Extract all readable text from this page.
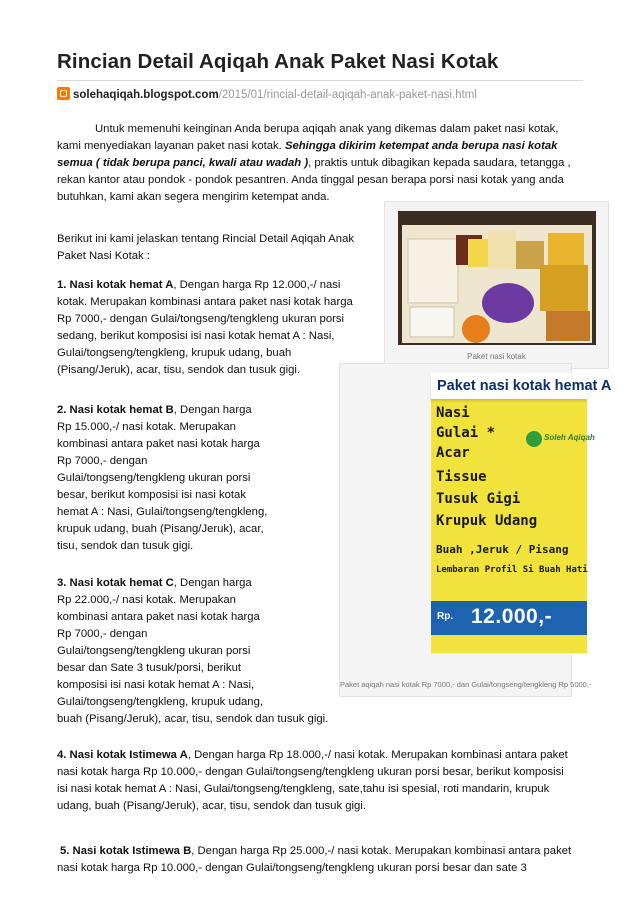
Rincian Detail Aqiqah Anak Paket Nasi Kotak
solehaqiqah.blogspot.com/2015/01/rincial-detail-aqiqah-anak-paket-nasi.html
Untuk memenuhi keinginan Anda berupa aqiqah anak yang dikemas dalam paket nasi kotak,
kami menyediakan layanan paket nasi kotak. Sehingga dikirim ketempat anda berupa nasi kotak
semua ( tidak berupa panci, kwali atau wadah ), praktis untuk dibagikan kepada saudara, tetangga ,
rekan kantor atau pondok - pondok pesantren. Anda tinggal pesan berapa porsi nasi kotak yang anda
butuhkan, kami akan segera mengirim ketempat anda.
Berikut ini kami jelaskan tentang Rincial Detail Aqiqah Anak
Paket Nasi Kotak :
1. Nasi kotak hemat A, Dengan harga Rp 12.000,-/ nasi
kotak. Merupakan kombinasi antara paket nasi kotak harga
Rp 7000,- dengan Gulai/tongseng/tengkleng ukuran porsi
sedang, berikut komposisi isi nasi kotak hemat A : Nasi,
Gulai/tongseng/tengkleng, krupuk udang, buah
(Pisang/Jeruk), acar, tisu, sendok dan tusuk gigi.
Paket nasi kotak
2. Nasi kotak hemat B, Dengan harga
Rp 15.000,-/ nasi kotak. Merupakan
kombinasi antara paket nasi kotak harga
Rp 7000,- dengan
Gulai/tongseng/tengkleng ukuran porsi
besar, berikut komposisi isi nasi kotak
hemat A : Nasi, Gulai/tongseng/tengkleng,
krupuk udang, buah (Pisang/Jeruk), acar,
tisu, sendok dan tusuk gigi.
Paket nasi kotak hemat A
Soleh Aqiqah
Nasi
Gulai *
Acar
Tissue
Tusuk Gigi
Krupuk Udang
Buah ,Jeruk / Pisang
Lembaran Profil Si Buah Hati
Rp. 12.000,-
Paket aqiqah nasi kotak Rp 7000,- dan Gulai/tongseng/tengkleng Rp 5000,-
3. Nasi kotak hemat C, Dengan harga
Rp 22.000,-/ nasi kotak. Merupakan
kombinasi antara paket nasi kotak harga
Rp 7000,- dengan
Gulai/tongseng/tengkleng ukuran porsi
besar dan Sate 3 tusuk/porsi, berikut
komposisi isi nasi kotak hemat A : Nasi,
Gulai/tongseng/tengkleng, krupuk udang,
buah (Pisang/Jeruk), acar, tisu, sendok dan tusuk gigi.
4. Nasi kotak Istimewa A, Dengan harga Rp 18.000,-/ nasi kotak. Merupakan kombinasi antara paket
nasi kotak harga Rp 10.000,- dengan Gulai/tongseng/tengkleng ukuran porsi besar, berikut komposisi
isi nasi kotak hemat A : Nasi, Gulai/tongseng/tengkleng, sate,tahu isi spesial, roti mandarin, krupuk
udang, buah (Pisang/Jeruk), acar, tisu, sendok dan tusuk gigi.
5. Nasi kotak Istimewa B, Dengan harga Rp 25.000,-/ nasi kotak. Merupakan kombinasi antara paket
nasi kotak harga Rp 10.000,- dengan Gulai/tongseng/tengkleng ukuran porsi besar dan sate 3
